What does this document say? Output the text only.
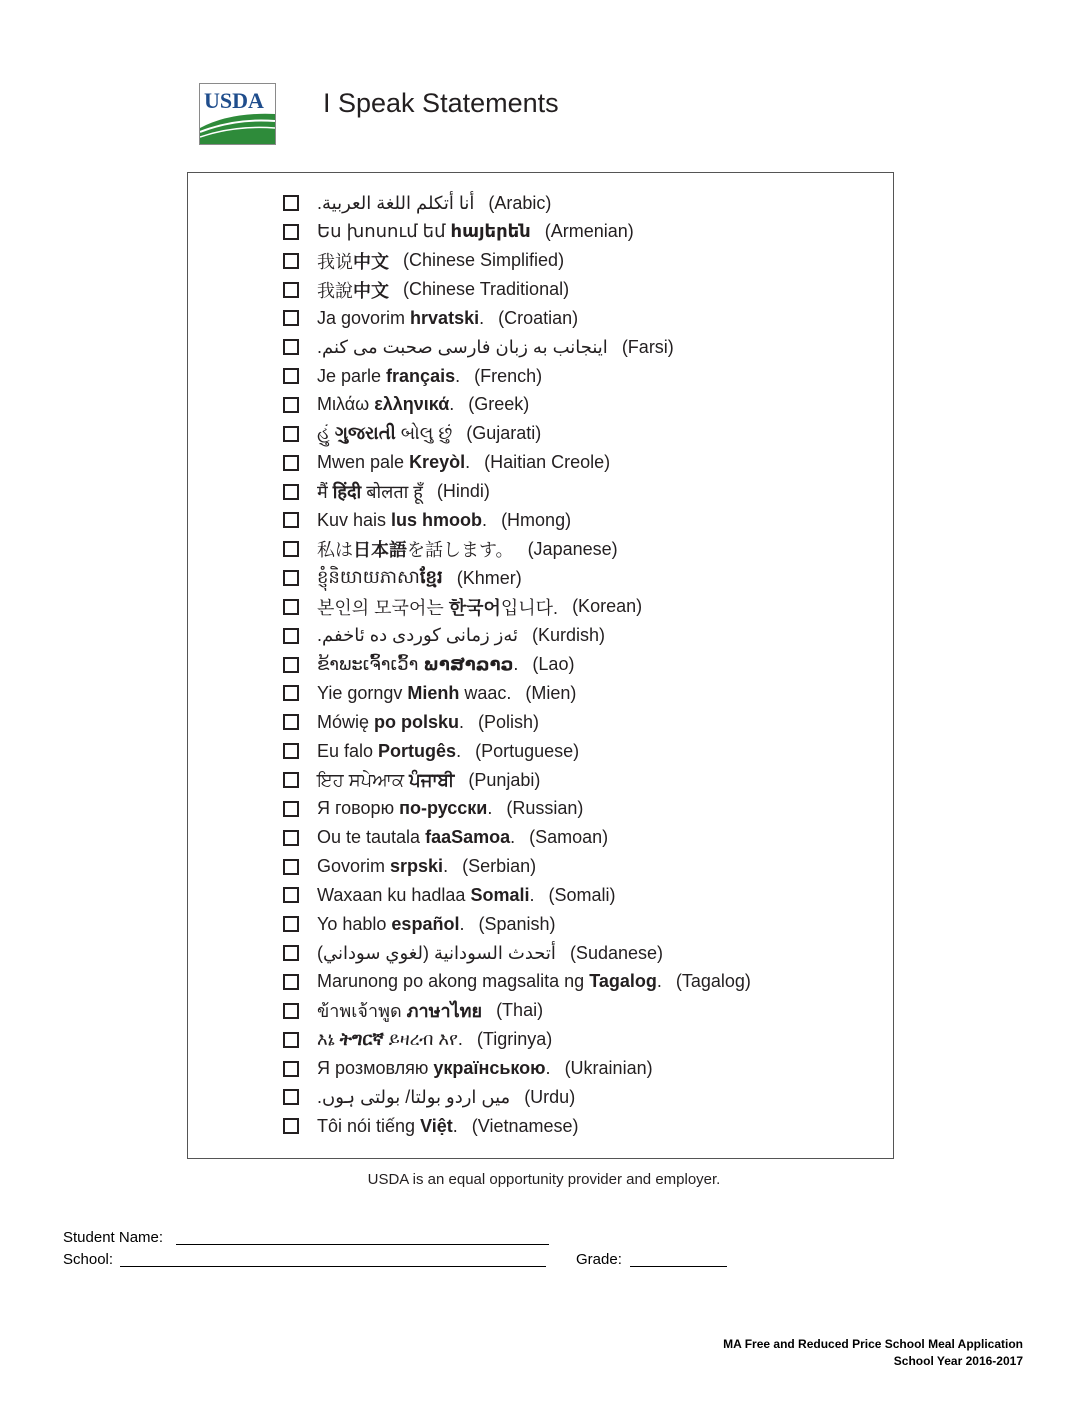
USDA I Speak Statements
أنا أتكلم اللغة العربية. (Arabic)
Ես խոսում եմ հայերեն (Armenian)
我说中文 (Chinese Simplified)
我說中文 (Chinese Traditional)
Ja govorim hrvatski. (Croatian)
اینجانب به زبان فارسی صحبت می کنم. (Farsi)
Je parle français. (French)
Μιλάω ελληνικά. (Greek)
હું ગુજરાતી બોલુ છું (Gujarati)
Mwen pale Kreyòl. (Haitian Creole)
मैं हिंदी बोलता हूँ (Hindi)
Kuv hais lus hmoob. (Hmong)
私は日本語を話します。 (Japanese)
ខ្ញុំនិយាយភាសាខ្មែរ (Khmer)
본인의 모국어는 한국어입니다. (Korean)
ئەز زمانی کوردی دە ئاخفم. (Kurdish)
ຂ້າພະເຈົ້າເວົ້າ ພາສາລາວ. (Lao)
Yie gorngv Mienh waac. (Mien)
Mówię po polsku. (Polish)
Eu falo Portugês. (Portuguese)
ਇਹ ਸਪੇਆਕ ਪੰਜਾਬੀ (Punjabi)
Я говорю по-русски. (Russian)
Ou te tautala faaSamoa. (Samoan)
Govorim srpski. (Serbian)
Waxaan ku hadlaa Somali. (Somali)
Yo hablo español. (Spanish)
أتحدث السودانية (لغوي سوداني) (Sudanese)
Marunong po akong magsalita ng Tagalog. (Tagalog)
ข้าพเจ้าพูด ภาษาไทย (Thai)
እኔ ትግርኛ ይዛረብ እየ. (Tigrinya)
Я розмовляю українською. (Ukrainian)
میں اردو بولتا/ بولتی ہوں. (Urdu)
Tôi nói tiếng Việt. (Vietnamese)
USDA is an equal opportunity provider and employer.
Student Name:
School:	Grade:
MA Free and Reduced Price School Meal Application
School Year 2016-2017
